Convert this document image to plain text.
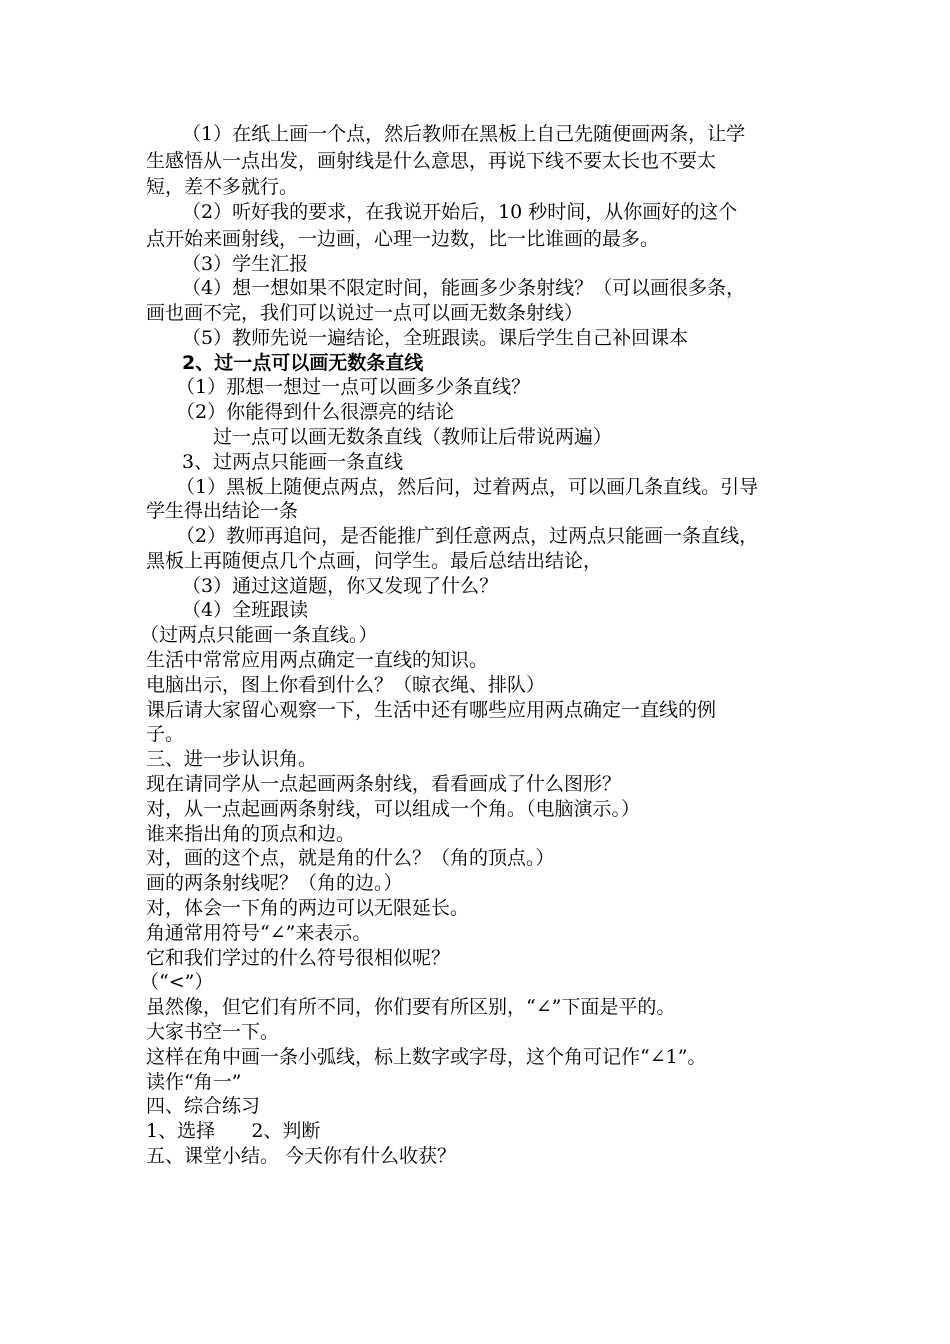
（1）在纸上画一个点，然后教师在黑板上自己先随便画两条，让学
生感悟从一点出发，画射线是什么意思，再说下线不要太长也不要太
短，差不多就行。
（2）听好我的要求，在我说开始后，10 秒时间，从你画好的这个
点开始来画射线，一边画，心理一边数，比一比谁画的最多。
（3）学生汇报
（4）想一想如果不限定时间，能画多少条射线？（可以画很多条，
画也画不完，我们可以说过一点可以画无数条射线）
（5）教师先说一遍结论，全班跟读。课后学生自己补回课本
2、过一点可以画无数条直线
（1）那想一想过一点可以画多少条直线？
（2）你能得到什么很漂亮的结论
过一点可以画无数条直线（教师让后带说两遍）
3、过两点只能画一条直线
（1）黑板上随便点两点，然后问，过着两点，可以画几条直线。引导
学生得出结论一条
（2）教师再追问，是否能推广到任意两点，过两点只能画一条直线，
黑板上再随便点几个点画，问学生。最后总结出结论，
（3）通过这道题，你又发现了什么？
（4）全班跟读
（过两点只能画一条直线。）
生活中常常应用两点确定一直线的知识。
电脑出示，图上你看到什么？（晾衣绳、排队）
课后请大家留心观察一下，生活中还有哪些应用两点确定一直线的例
子。
三、进一步认识角。
现在请同学从一点起画两条射线，看看画成了什么图形？
对，从一点起画两条射线，可以组成一个角。（电脑演示。）
谁来指出角的顶点和边。
对，画的这个点，就是角的什么？（角的顶点。）
画的两条射线呢？（角的边。）
对，体会一下角的两边可以无限延长。
角通常用符号“∠”来表示。
它和我们学过的什么符号很相似呢？
（“<”）
虽然像，但它们有所不同，你们要有所区别，“∠”下面是平的。
大家书空一下。
这样在角中画一条小弧线，标上数字或字母，这个角可记作“∠1”。
读作“角一”
四、综合练习
1、选择      2、判断
五、课堂小结。 今天你有什么收获？
